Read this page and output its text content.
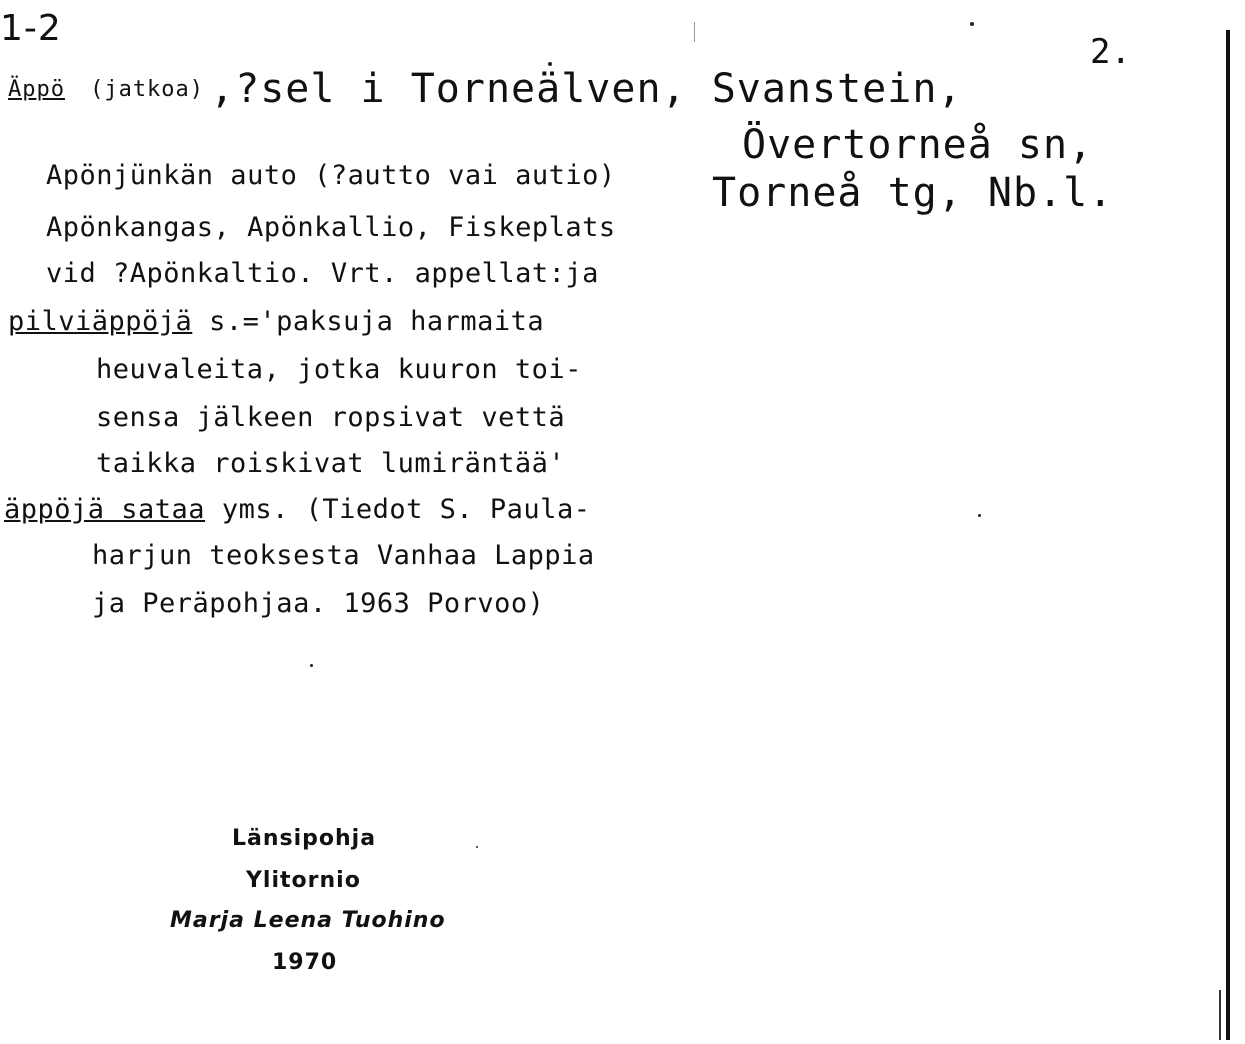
1-2
2.
Äppö (jatkoa) ,?sel i Torneälven, Svanstein,
Övertorneå sn,
Torneå tg, Nb.l.
Apönjünkän auto (?autto vai autio)
Apönkangas, Apönkallio, Fiskeplats
vid ?Apönkaltio. Vrt. appellat:ja
pilviäppöjä s.='paksuja harmaita
heuvaleita, jotka kuuron toi-
sensa jälkeen ropsivat vettä
taikka roiskivat lumiräntää'
äppöjä sataa yms. (Tiedot S. Paula-
harjun teoksesta Vanhaa Lappia
ja Peräpohjaa. 1963 Porvoo)
Länsipohja
Ylitornio
Marja Leena Tuohino
1970
